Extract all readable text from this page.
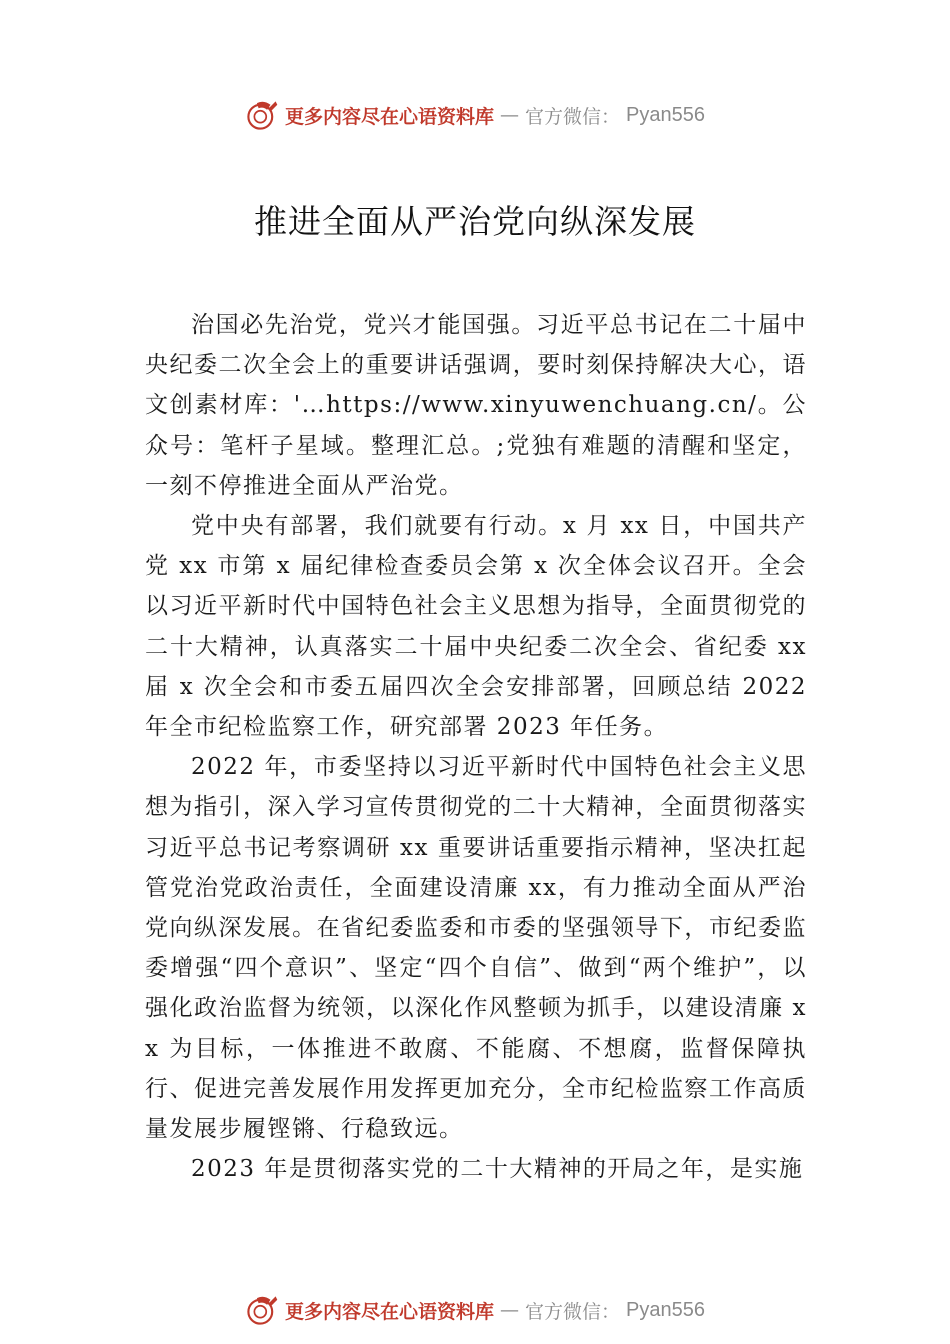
更多内容尽在心语资料库 — 官方微信： Pyan556
推进全面从严治党向纵深发展

治国必先治党，党兴才能国强。习近平总书记在二十届中央纪委二次全会上的重要讲话强调，要时刻保持解决大心，语文创素材库：'…https://www.xinyuwenchuang.cn/。公众号：笔杆子星域。整理汇总。;党独有难题的清醒和坚定，一刻不停推进全面从严治党。

党中央有部署，我们就要有行动。x 月 xx 日，中国共产党 xx 市第 x 届纪律检查委员会第 x 次全体会议召开。全会以习近平新时代中国特色社会主义思想为指导，全面贯彻党的二十大精神，认真落实二十届中央纪委二次全会、省纪委 xx 届 x 次全会和市委五届四次全会安排部署，回顾总结 2022 年全市纪检监察工作，研究部署 2023 年任务。

2022 年，市委坚持以习近平新时代中国特色社会主义思想为指引，深入学习宣传贯彻党的二十大精神，全面贯彻落实习近平总书记考察调研 xx 重要讲话重要指示精神，坚决扛起管党治党政治责任，全面建设清廉 xx，有力推动全面从严治党向纵深发展。在省纪委监委和市委的坚强领导下，市纪委监委增强“四个意识”、坚定“四个自信”、做到“两个维护”，以强化政治监督为统领，以深化作风整顿为抓手，以建设清廉 xx 为目标，一体推进不敢腐、不能腐、不想腐，监督保障执行、促进完善发展作用发挥更加充分，全市纪检监察工作高质量发展步履铿锵、行稳致远。

2023 年是贯彻落实党的二十大精神的开局之年，是实施

更多内容尽在心语资料库 — 官方微信： Pyan556
